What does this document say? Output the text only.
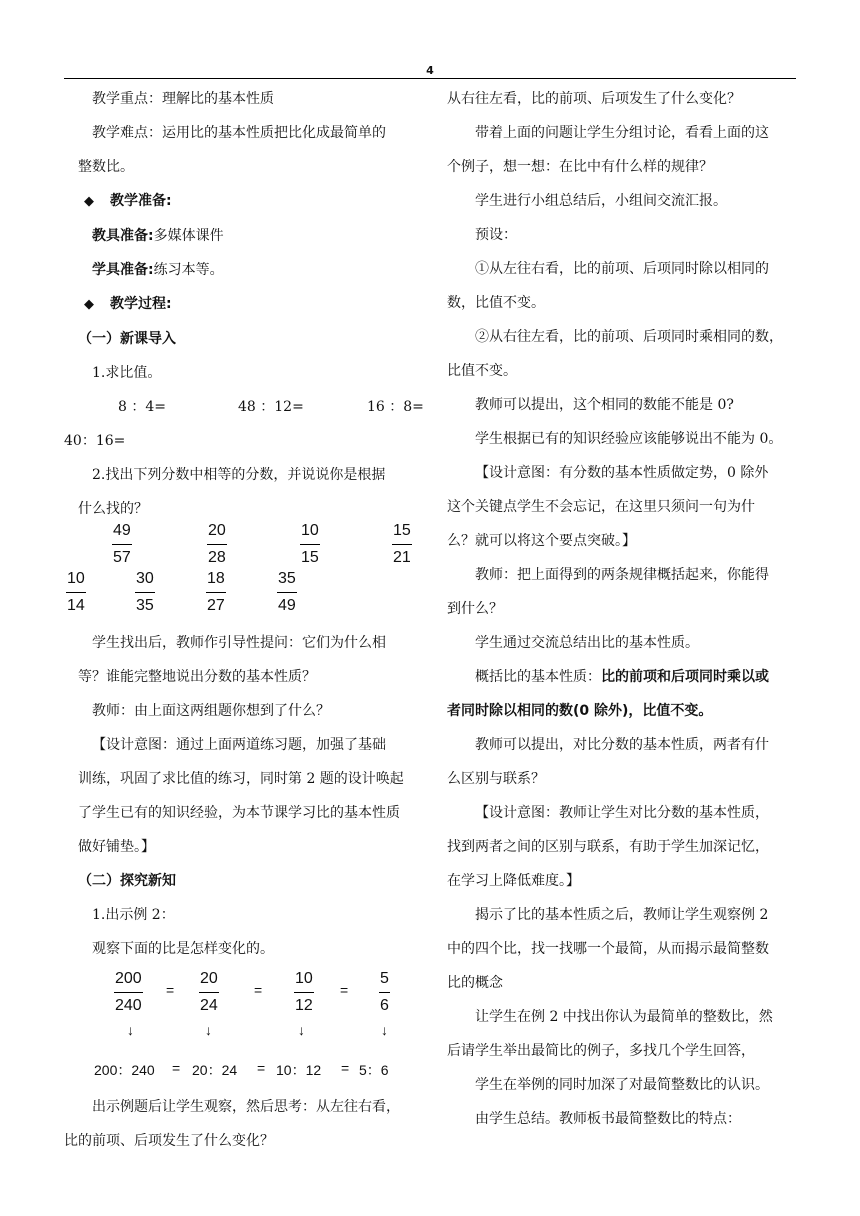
4

教学重点：理解比的基本性质

教学难点：运用比的基本性质把比化成最简单的

整数比。

◆ 教学准备:

教具准备:多媒体课件

学具准备:练习本等。

◆ 教学过程:

（一）新课导入

1.求比值。

8 ：4=	48 ：12=	16 ：8=

40：16=

2.找出下列分数中相等的分数，并说说你是根据

什么找的？

$\frac{49}{57}$	$\frac{20}{28}$	$\frac{10}{15}$	$\frac{15}{21}$
$\frac{10}{14}$	$\frac{30}{35}$	$\frac{18}{27}$	$\frac{35}{49}$

学生找出后，教师作引导性提问：它们为什么相

等？谁能完整地说出分数的基本性质？

教师：由上面这两组题你想到了什么？

【设计意图：通过上面两道练习题，加强了基础

训练，巩固了求比值的练习，同时第 2 题的设计唤起

了学生已有的知识经验，为本节课学习比的基本性质

做好铺垫。】

（二）探究新知

1.出示例 2：

观察下面的比是怎样变化的。

$\frac{200}{240} = \frac{20}{24}$	= $\frac{10}{12} = \frac{5}{6}$
↓	↓	↓	↓
200：240 = 20：24 = 10：12 = 5：6

出示例题后让学生观察，然后思考：从左往右看，

比的前项、后项发生了什么变化？

从右往左看，比的前项、后项发生了什么变化？

带着上面的问题让学生分组讨论，看看上面的这

个例子，想一想：在比中有什么样的规律？

学生进行小组总结后，小组间交流汇报。

预设：

①从左往右看，比的前项、后项同时除以相同的

数，比值不变。

②从右往左看，比的前项、后项同时乘相同的数，

比值不变。

教师可以提出，这个相同的数能不能是 0?

学生根据已有的知识经验应该能够说出不能为 0。

【设计意图：有分数的基本性质做定势，0 除外

这个关键点学生不会忘记，在这里只须问一句为什

么？就可以将这个要点突破。】

教师：把上面得到的两条规律概括起来，你能得

到什么？

学生通过交流总结出比的基本性质。

概括比的基本性质：比的前项和后项同时乘以或

者同时除以相同的数(0 除外)，比值不变。

教师可以提出，对比分数的基本性质，两者有什

么区别与联系？

【设计意图：教师让学生对比分数的基本性质，

找到两者之间的区别与联系，有助于学生加深记忆，

在学习上降低难度。】

揭示了比的基本性质之后，教师让学生观察例 2

中的四个比，找一找哪一个最简，从而揭示最简整数

比的概念

让学生在例 2 中找出你认为最简单的整数比，然

后请学生举出最简比的例子，多找几个学生回答，

学生在举例的同时加深了对最简整数比的认识。

由学生总结。教师板书最简整数比的特点：
